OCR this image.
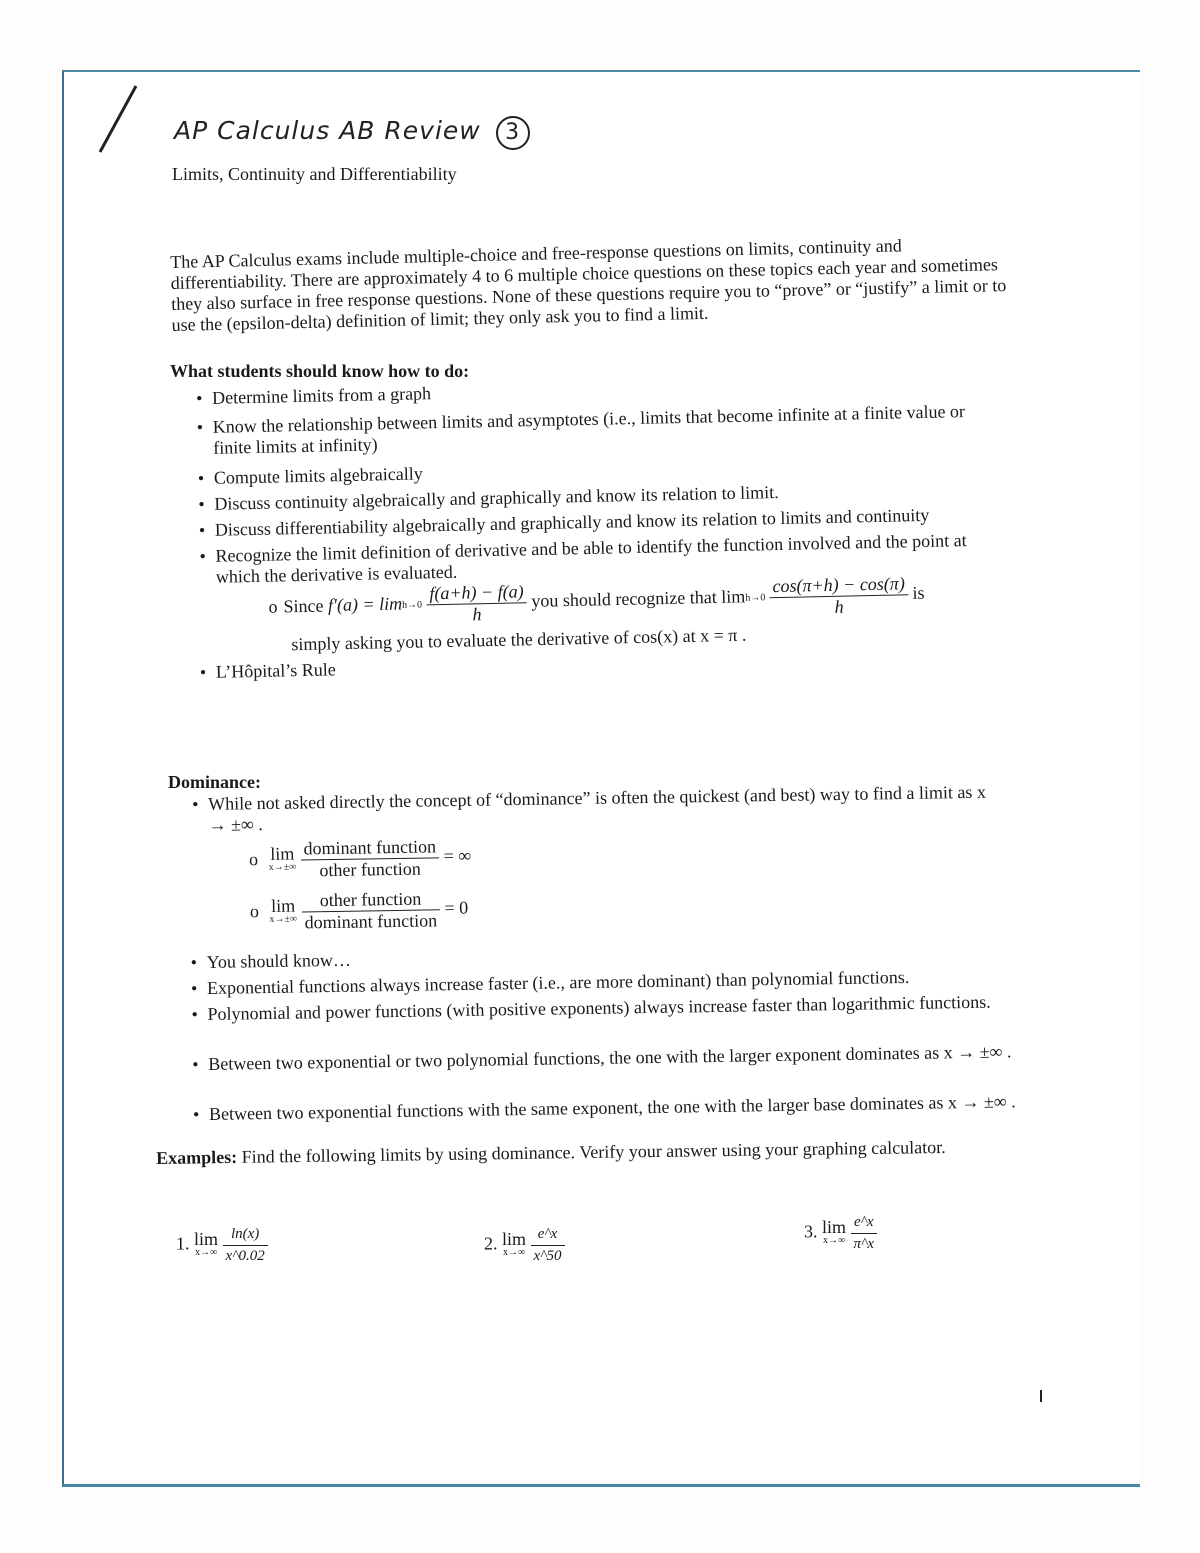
AP Calculus AB Review 3
Limits, Continuity and Differentiability
The AP Calculus exams include multiple-choice and free-response questions on limits, continuity and differentiability. There are approximately 4 to 6 multiple choice questions on these topics each year and sometimes they also surface in free response questions. None of these questions require you to “prove” or “justify” a limit or to use the (epsilon-delta) definition of limit; they only ask you to find a limit.
What students should know how to do:
• Determine limits from a graph
• Know the relationship between limits and asymptotes (i.e., limits that become infinite at a finite value or finite limits at infinity)
• Compute limits algebraically
• Discuss continuity algebraically and graphically and know its relation to limit.
• Discuss differentiability algebraically and graphically and know its relation to limits and continuity
• Recognize the limit definition of derivative and be able to identify the function involved and the point at which the derivative is evaluated.
o Since f′(a) = lim h→0
$\frac{f(a+h) - f(a)}{h}$ you should recognize that lim h→0
$\frac{\cos(\pi+h) - \cos(\pi)}{h}$ is
simply asking you to evaluate the derivative of cos(x) at x = π .
• L’Hôpital’s Rule
Dominance:
• While not asked directly the concept of “dominance” is often the quickest (and best) way to find a limit as x → ±∞ .
o lim
x→±∞
$\frac{\text{dominant function}}{\text{other function}}$ = ∞
o lim
x→±∞
$\frac{\text{other function}}{\text{dominant function}} = 0$
• You should know…
• Exponential functions always increase faster (i.e., are more dominant) than polynomial functions.
• Polynomial and power functions (with positive exponents) always increase faster than logarithmic functions.
• Between two exponential or two polynomial functions, the one with the larger exponent dominates as x → ±∞ .
• Between two exponential functions with the same exponent, the one with the larger base dominates as x → ±∞ .
Examples: Find the following limits by using dominance. Verify your answer using your graphing calculator.
1. lim
x→∞
$\frac{\ln(x)}{x\^{}0.02}$	2. lim
x→∞
$\frac{e\^{}x}{x\^{}50}$	3. lim
x→∞
$\frac{e\^{}x}{\pi\^{}x}$
